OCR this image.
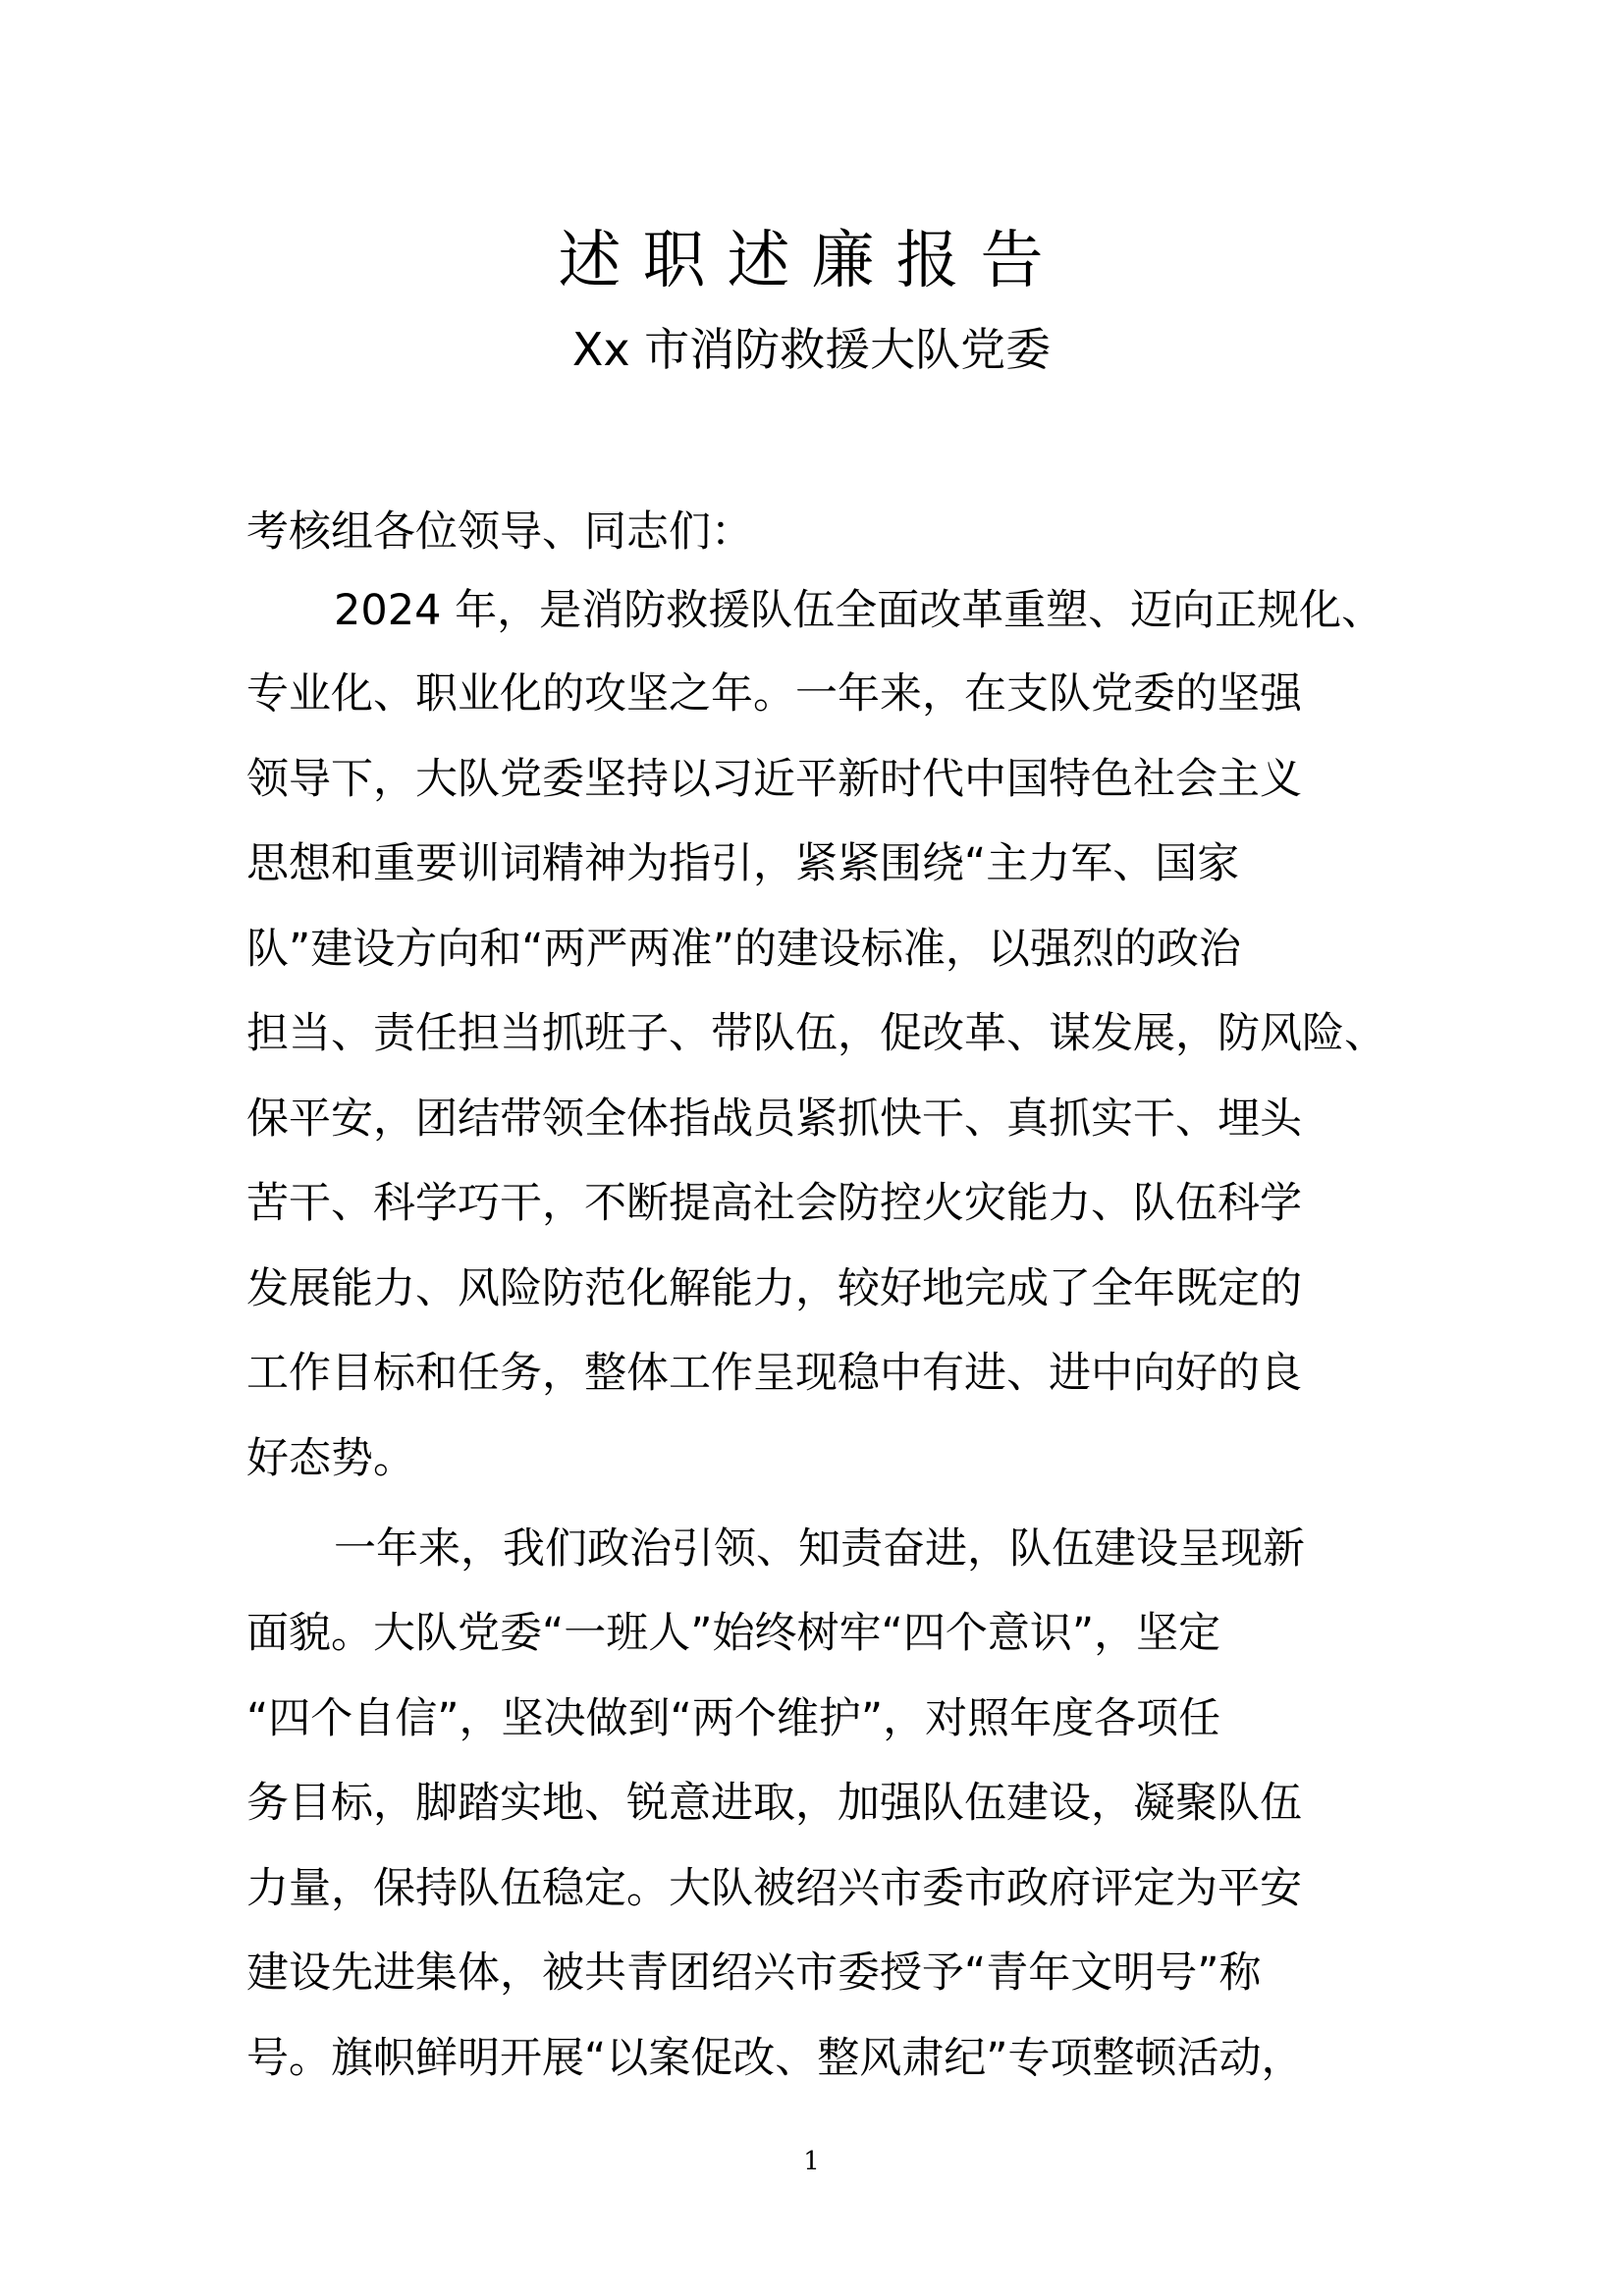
述职述廉报告
Xx 市消防救援大队党委
考核组各位领导、同志们：
2024 年，是消防救援队伍全面改革重塑、迈向正规化、
专业化、职业化的攻坚之年。一年来，在支队党委的坚强
领导下，大队党委坚持以习近平新时代中国特色社会主义
思想和重要训词精神为指引，紧紧围绕“主力军、国家
队”建设方向和“两严两准”的建设标准，以强烈的政治
担当、责任担当抓班子、带队伍，促改革、谋发展，防风险、
保平安，团结带领全体指战员紧抓快干、真抓实干、埋头
苦干、科学巧干，不断提高社会防控火灾能力、队伍科学
发展能力、风险防范化解能力，较好地完成了全年既定的
工作目标和任务，整体工作呈现稳中有进、进中向好的良
好态势。
一年来，我们政治引领、知责奋进，队伍建设呈现新
面貌。大队党委“一班人”始终树牢“四个意识”，坚定
“四个自信”，坚决做到“两个维护”，对照年度各项任
务目标，脚踏实地、锐意进取，加强队伍建设，凝聚队伍
力量，保持队伍稳定。大队被绍兴市委市政府评定为平安
建设先进集体，被共青团绍兴市委授予“青年文明号”称
号。旗帜鲜明开展“以案促改、整风肃纪”专项整顿活动，
1
